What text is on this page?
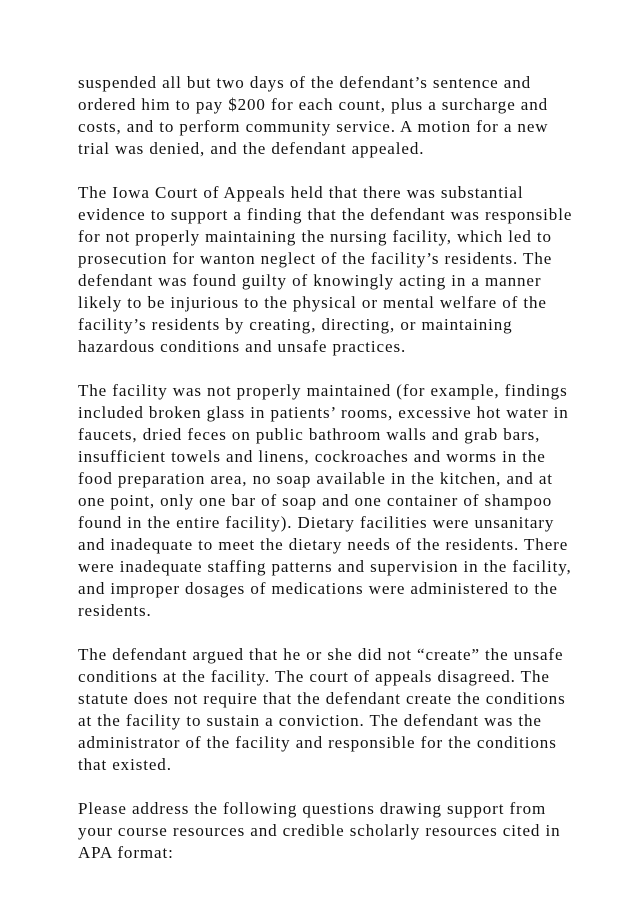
suspended all but two days of the defendant’s sentence and
ordered him to pay $200 for each count, plus a surcharge and
costs, and to perform community service. A motion for a new
trial was denied, and the defendant appealed.

The Iowa Court of Appeals held that there was substantial
evidence to support a finding that the defendant was responsible
for not properly maintaining the nursing facility, which led to
prosecution for wanton neglect of the facility’s residents. The
defendant was found guilty of knowingly acting in a manner
likely to be injurious to the physical or mental welfare of the
facility’s residents by creating, directing, or maintaining
hazardous conditions and unsafe practices.

The facility was not properly maintained (for example, findings
included broken glass in patients’ rooms, excessive hot water in
faucets, dried feces on public bathroom walls and grab bars,
insufficient towels and linens, cockroaches and worms in the
food preparation area, no soap available in the kitchen, and at
one point, only one bar of soap and one container of shampoo
found in the entire facility). Dietary facilities were unsanitary
and inadequate to meet the dietary needs of the residents. There
were inadequate staffing patterns and supervision in the facility,
and improper dosages of medications were administered to the
residents.

The defendant argued that he or she did not “create” the unsafe
conditions at the facility. The court of appeals disagreed. The
statute does not require that the defendant create the conditions
at the facility to sustain a conviction. The defendant was the
administrator of the facility and responsible for the conditions
that existed.

Please address the following questions drawing support from
your course resources and credible scholarly resources cited in
APA format:
